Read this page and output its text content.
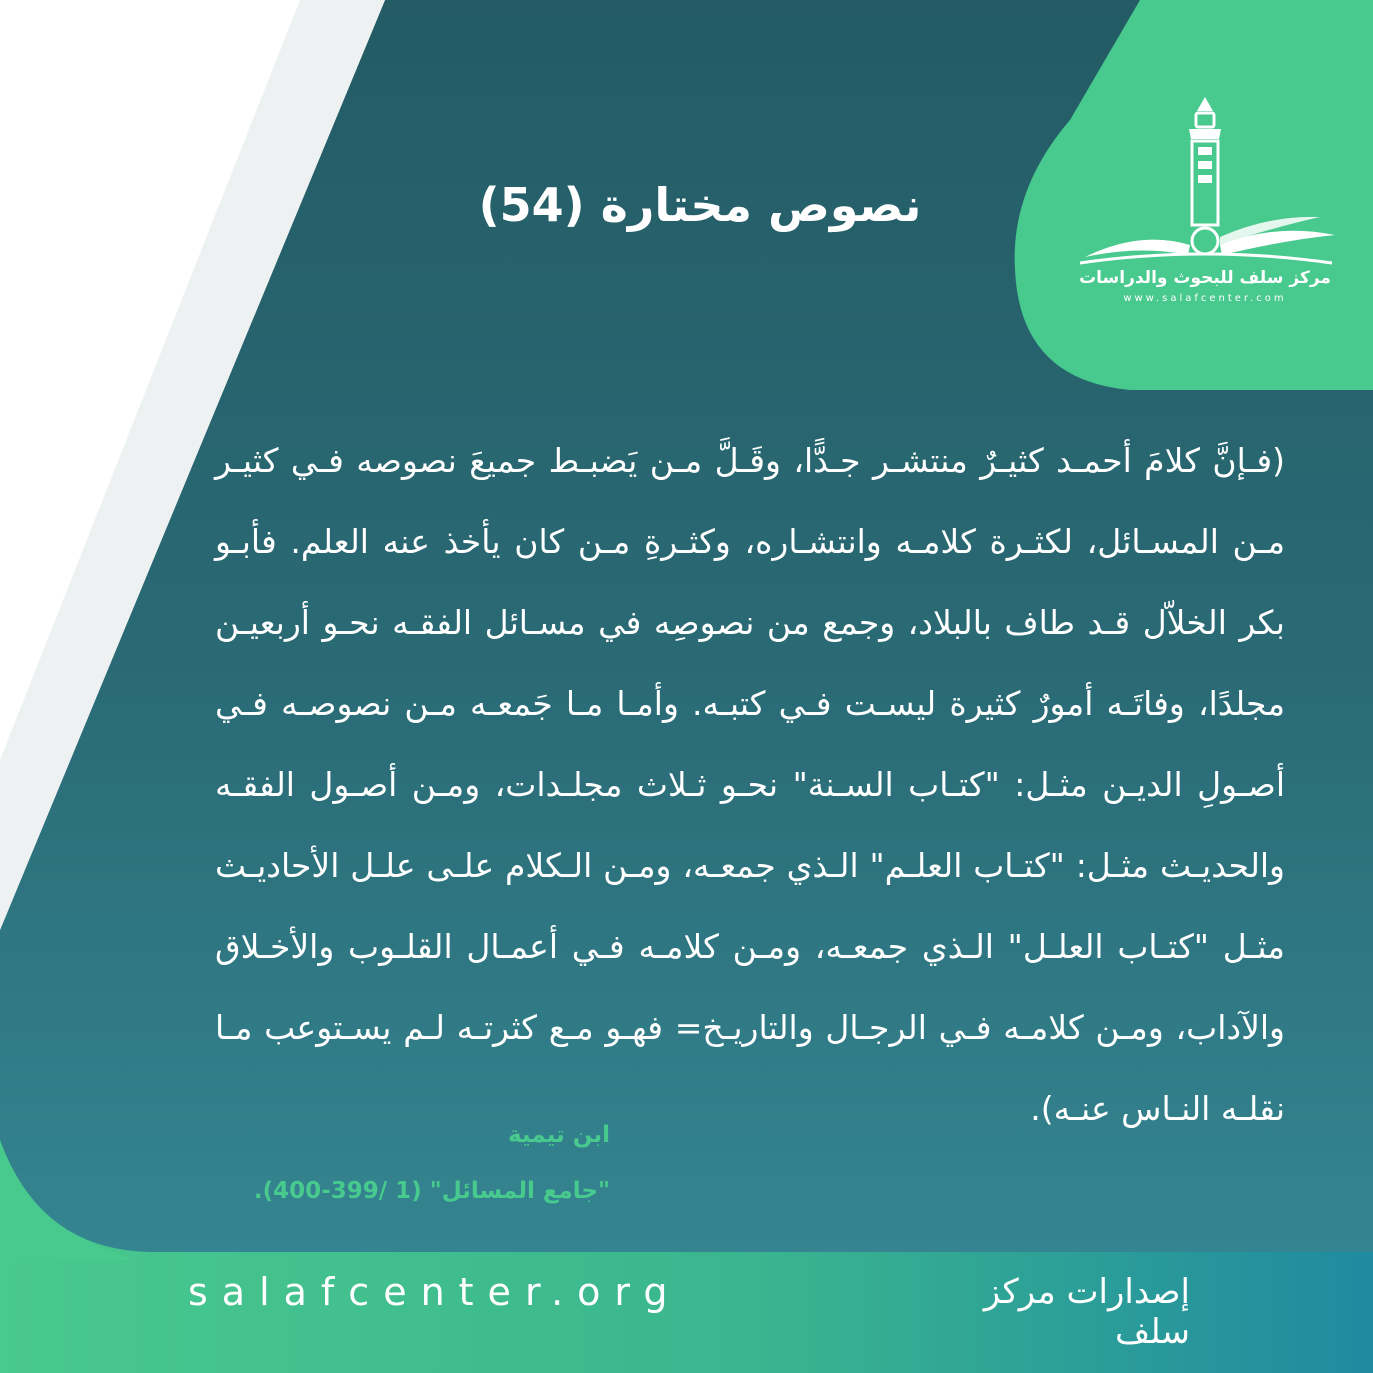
مركز سلف للبحوث والدراسات
www.salafcenter.com
نصوص مختارة (54)
(فـإنَّ كلامَ أحمـد كثيـرٌ منتشـر جـدًّا، وقَـلَّ مـن يَضبـط جميعَ نصوصه فـي كثيـر مـن المسـائل، لكثـرة كلامـه وانتشـاره، وكثـرةِ مـن كان يأخذ عنه العلم. فأبـو بكر الخلاّل قـد طاف بالبلاد، وجمع من نصوصِه في مسـائل الفقـه نحـو أربعيـن مجلدًا، وفاتَـه أمورٌ كثيرة ليسـت فـي كتبـه. وأمـا مـا جَمعـه مـن نصوصـه فـي أصـولِ الديـن مثـل: "كتـاب السـنة" نحـو ثـلاث مجلـدات، ومـن أصـول الفقـه والحديـث مثـل: "كتـاب العلـم" الـذي جمعـه، ومـن الـكلام علـى علـل الأحاديـث مثـل "كتـاب العلـل" الـذي جمعـه، ومـن كلامـه فـي أعمـال القلـوب والأخـلاق والآداب، ومـن كلامـه فـي الرجـال والتاريـخ= فهـو مـع كثرتـه لـم يسـتوعب مـا نقلـه النـاس عنـه).
ابن تيمية
"جامع المسائل" (1 /399-400).
salafcenter.org	إصدارات مركز سلف
